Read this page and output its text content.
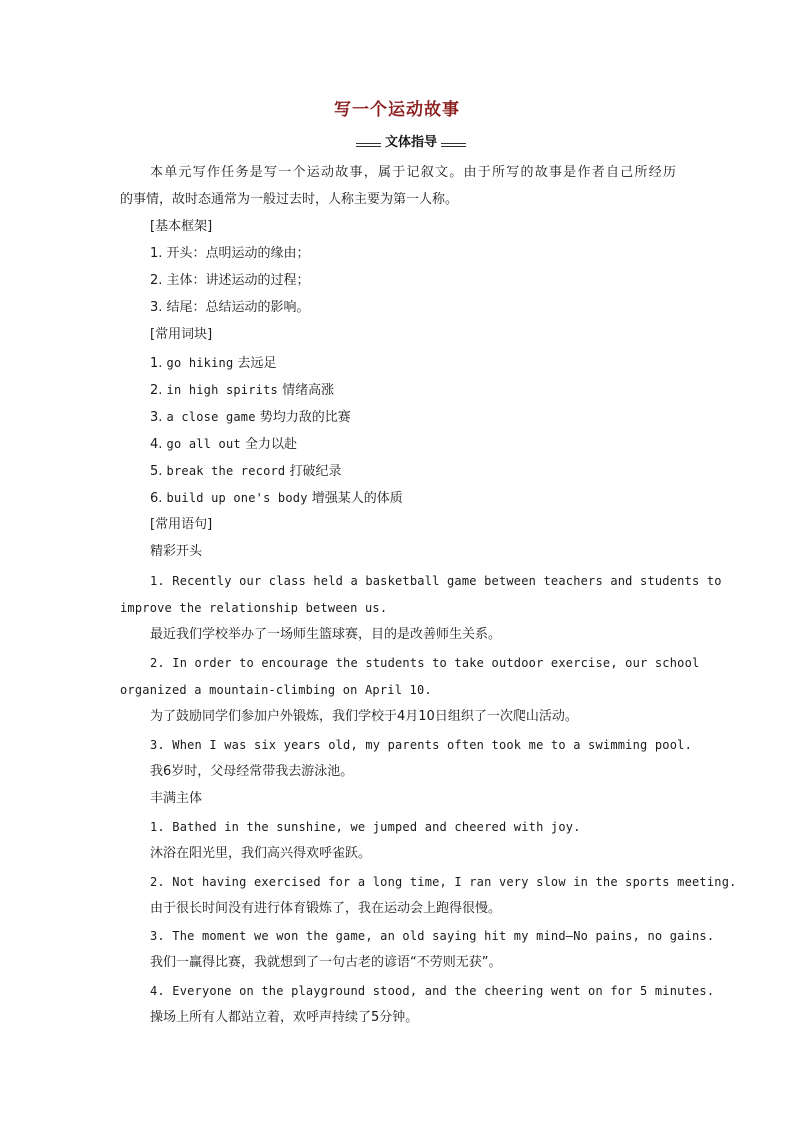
写一个运动故事
文体指导
本单元写作任务是写一个运动故事，属于记叙文。由于所写的故事是作者自己所经历
的事情，故时态通常为一般过去时，人称主要为第一人称。
[基本框架]
1. 开头：点明运动的缘由；
2. 主体：讲述运动的过程；
3. 结尾：总结运动的影响。
[常用词块]
1. go hiking 去远足
2. in high spirits 情绪高涨
3. a close game 势均力敌的比赛
4. go all out 全力以赴
5. break the record 打破纪录
6. build up one's body 增强某人的体质
[常用语句]
精彩开头
1. Recently our class held a basketball game between teachers and students to
improve the relationship between us.
最近我们学校举办了一场师生篮球赛，目的是改善师生关系。
2. In order to encourage the students to take outdoor exercise, our school
organized a mountain-climbing on April 10.
为了鼓励同学们参加户外锻炼，我们学校于4月10日组织了一次爬山活动。
3. When I was six years old, my parents often took me to a swimming pool.
我6岁时，父母经常带我去游泳池。
丰满主体
1. Bathed in the sunshine, we jumped and cheered with joy.
沐浴在阳光里，我们高兴得欢呼雀跃。
2. Not having exercised for a long time, I ran very slow in the sports meeting.
由于很长时间没有进行体育锻炼了，我在运动会上跑得很慢。
3. The moment we won the game, an old saying hit my mind—No pains, no gains.
我们一赢得比赛，我就想到了一句古老的谚语“不劳则无获”。
4. Everyone on the playground stood, and the cheering went on for 5 minutes.
操场上所有人都站立着，欢呼声持续了5分钟。
